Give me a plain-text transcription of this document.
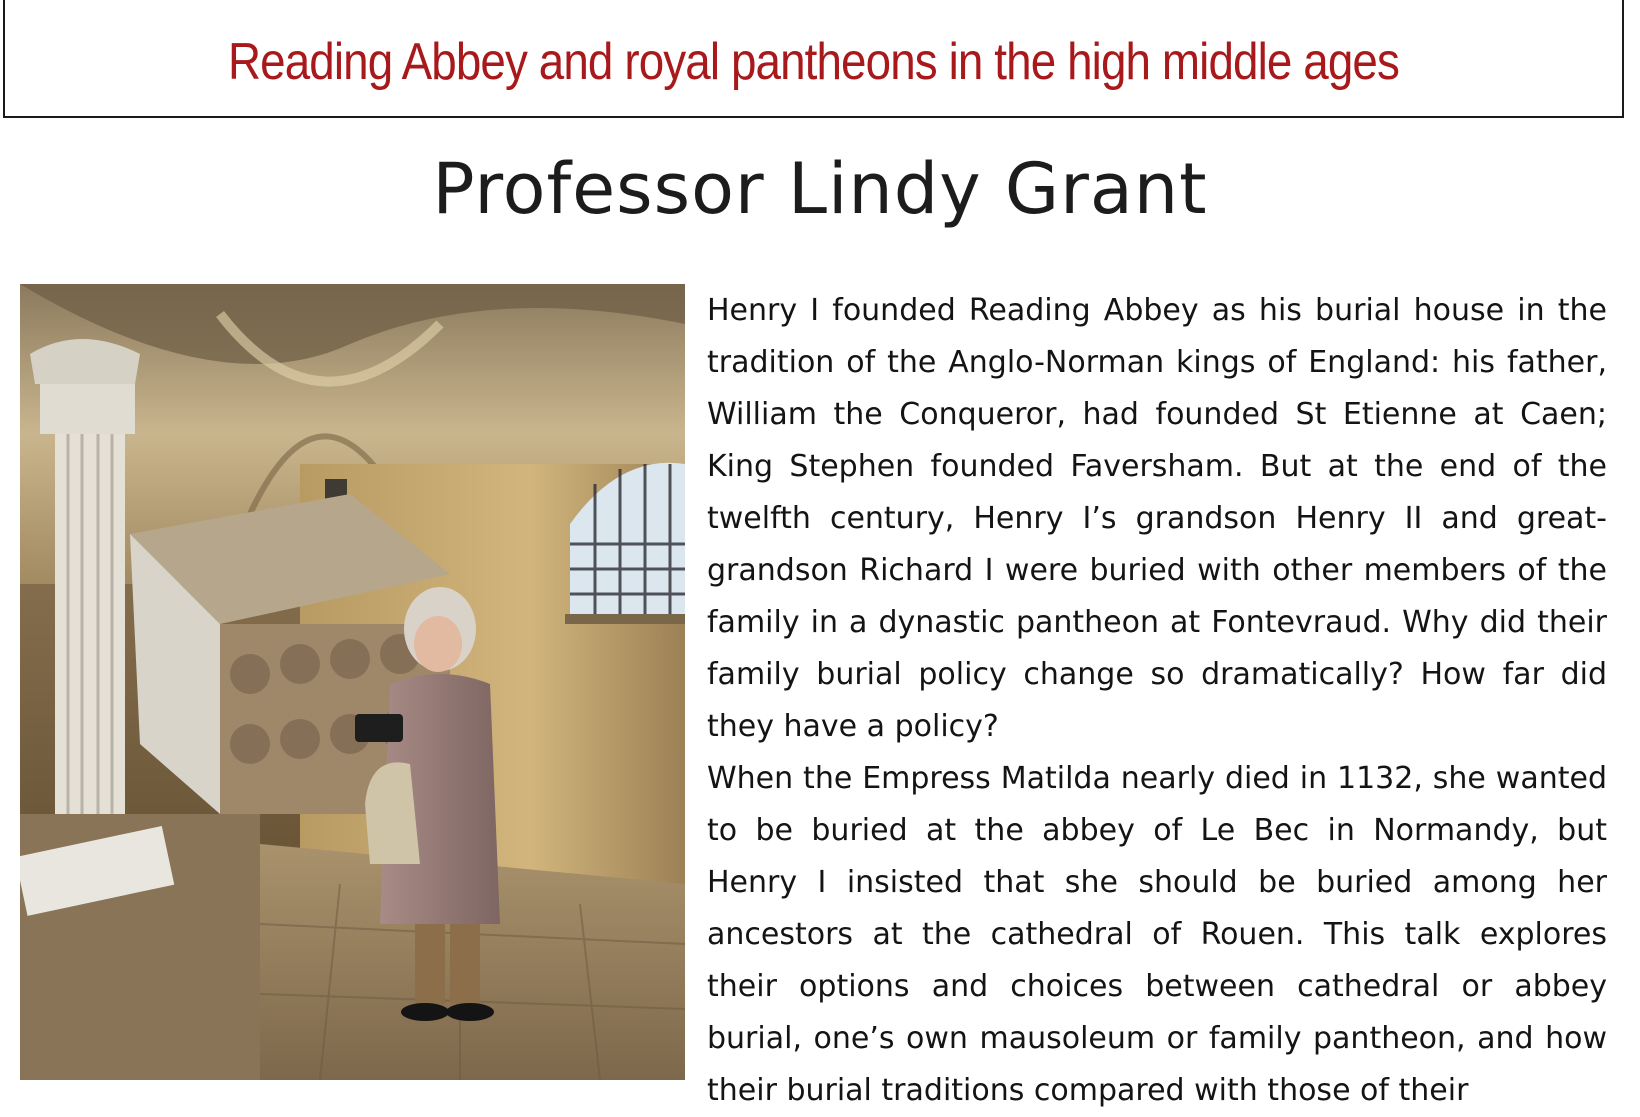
Reading Abbey and royal pantheons in the high middle ages
Professor Lindy Grant

Henry I founded Reading Abbey as his burial house in the tradition of the Anglo-Norman kings of England: his father, William the Conqueror, had founded St Etienne at Caen; King Stephen founded Faversham. But at the end of the twelfth century, Henry I’s grandson Henry II and great-grandson Richard I were buried with other members of the family in a dynastic pantheon at Fontevraud. Why did their family burial policy change so dramatically? How far did they have a policy?

When the Empress Matilda nearly died in 1132, she wanted to be buried at the abbey of Le Bec in Normandy, but Henry I insisted that she should be buried among her ancestors at the cathedral of Rouen. This talk explores their options and choices between cathedral or abbey burial, one’s own mausoleum or family pantheon, and how their burial traditions compared with those of their
